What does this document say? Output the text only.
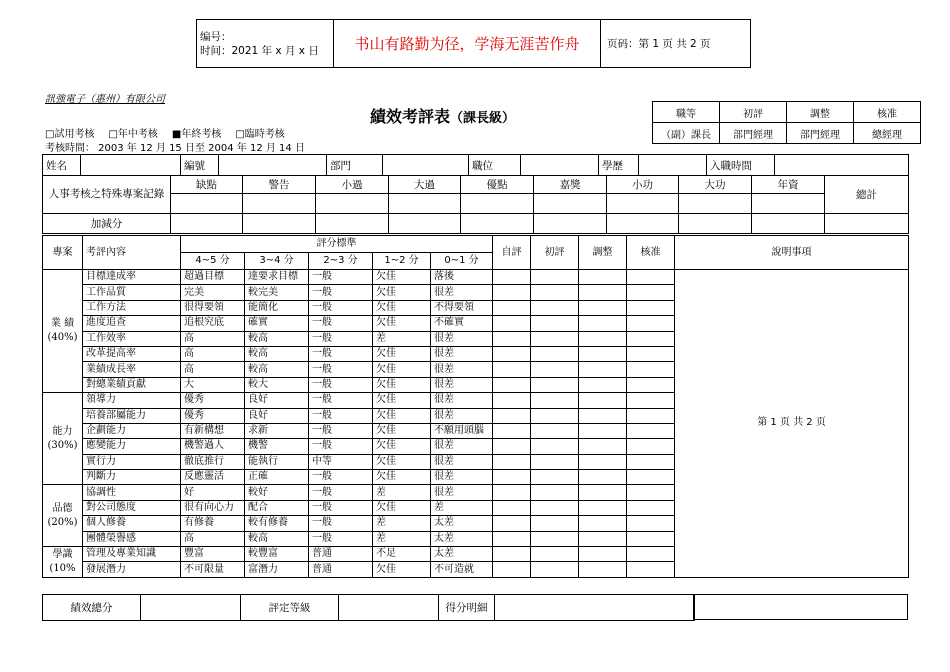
编号：
时间：2021 年 x 月 x 日	书山有路勤为径，学海无涯苦作舟	页码：第 1 页 共 2 页
訊強電子（惠州）有限公司
績效考評表（課長級）	職等	初評	調整	核准
（副）課長	部門經理	部門經理	總經理
□試用考核 □年中考核 ■年終考核 □臨時考核
考核時間： 2003 年 12 月 15 日至 2004 年 12 月 14 日
姓名		編號		部門		職位		學歷		入職時間	
人事考核之特殊專案記錄	缺點	警告	小過	大過	優點	嘉獎	小功	大功	年資	總計

加減分										
專案	考評內容	評分標準					自評	初評	調整	核准	說明事項
		4~5 分	3~4 分	2~3 分	1~2 分	0~1 分					

業 績
(40%)	目標達成率	超過目標	達要求目標	一般	欠佳	落後					第 1 页 共 2 页
	工作品質	完美	較完美	一般	欠佳	很差					
	工作方法	很得要領	能簡化	一般	欠佳	不得要領					
	進度追查	追根究底	確實	一般	欠佳	不確實					
	工作效率	高	較高	一般	差	很差					
	改革提高率	高	較高	一般	欠佳	很差					
	業績成長率	高	較高	一般	欠佳	很差					
	對總業績貢獻	大	較大	一般	欠佳	很差					

能力
(30%)	領導力	優秀	良好	一般	欠佳	很差					
	培養部屬能力	優秀	良好	一般	欠佳	很差					
	企劃能力	有新構想	求新	一般	欠佳	不願用頭腦					
	應變能力	機警過人	機警	一般	欠佳	很差					
	實行力	徹底推行	能執行	中等	欠佳	很差					
	判斷力	反應靈活	正確	一般	欠佳	很差					

品德
(20%)	協調性	好	較好	一般	差	很差					
	對公司態度	很有向心力	配合	一般	欠佳	差					
	個人修養	有修養	較有修養	一般	差	太差					
	團體榮譽感	高	較高	一般	差	太差					

學識
(10%	管理及專業知識	豐富	較豐富	普通	不足	太差					
	發展潛力	不可限量	富潛力	普通	欠佳	不可造就					
績效總分		評定等級		得分明細	
